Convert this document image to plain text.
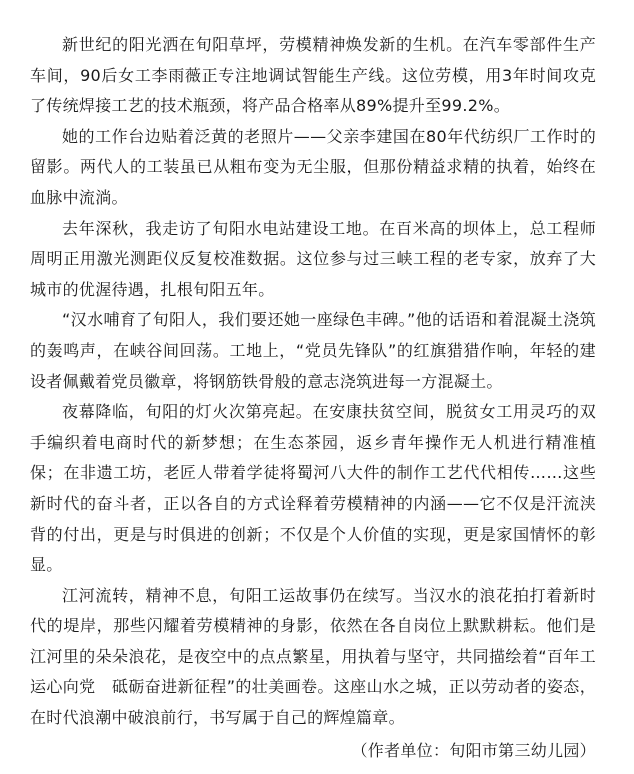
新世纪的阳光洒在旬阳草坪，劳模精神焕发新的生机。在汽车零部件生产车间，90后女工李雨薇正专注地调试智能生产线。这位劳模，用3年时间攻克了传统焊接工艺的技术瓶颈，将产品合格率从89%提升至99.2%。

她的工作台边贴着泛黄的老照片——父亲李建国在80年代纺织厂工作时的留影。两代人的工装虽已从粗布变为无尘服，但那份精益求精的执着，始终在血脉中流淌。

去年深秋，我走访了旬阳水电站建设工地。在百米高的坝体上，总工程师周明正用激光测距仪反复校准数据。这位参与过三峡工程的老专家，放弃了大城市的优渥待遇，扎根旬阳五年。

“汉水哺育了旬阳人，我们要还她一座绿色丰碑。”他的话语和着混凝土浇筑的轰鸣声，在峡谷间回荡。工地上，“党员先锋队”的红旗猎猎作响，年轻的建设者佩戴着党员徽章，将钢筋铁骨般的意志浇筑进每一方混凝土。

夜幕降临，旬阳的灯火次第亮起。在安康扶贫空间，脱贫女工用灵巧的双手编织着电商时代的新梦想；在生态茶园，返乡青年操作无人机进行精准植保；在非遗工坊，老匠人带着学徒将蜀河八大件的制作工艺代代相传……这些新时代的奋斗者，正以各自的方式诠释着劳模精神的内涵——它不仅是汗流浃背的付出，更是与时俱进的创新；不仅是个人价值的实现，更是家国情怀的彰显。

江河流转，精神不息，旬阳工运故事仍在续写。当汉水的浪花拍打着新时代的堤岸，那些闪耀着劳模精神的身影，依然在各自岗位上默默耕耘。他们是江河里的朵朵浪花，是夜空中的点点繁星，用执着与坚守，共同描绘着“百年工运心向党　砥砺奋进新征程”的壮美画卷。这座山水之城，正以劳动者的姿态，在时代浪潮中破浪前行，书写属于自己的辉煌篇章。

（作者单位：旬阳市第三幼儿园）
